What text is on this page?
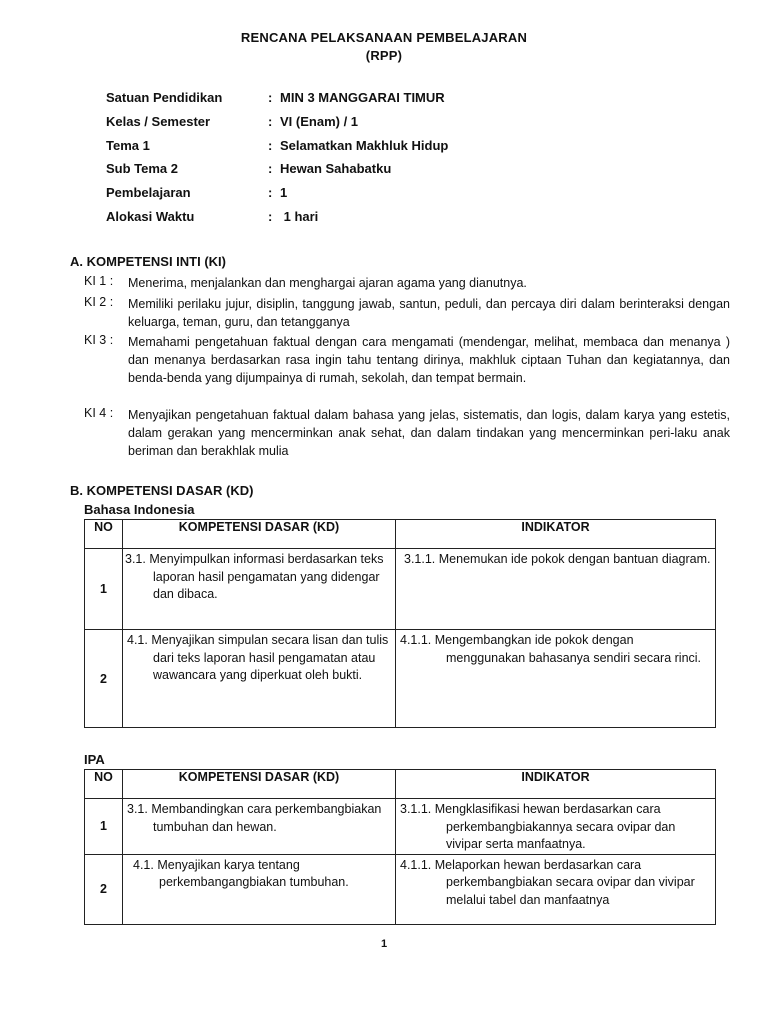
RENCANA PELAKSANAAN PEMBELAJARAN
(RPP)
Satuan Pendidikan	: MIN 3 MANGGARAI TIMUR
Kelas / Semester	: VI (Enam) / 1
Tema 1	: Selamatkan Makhluk Hidup
Sub Tema 2	: Hewan Sahabatku
Pembelajaran	: 1
Alokasi Waktu	: 1 hari
A. KOMPETENSI INTI (KI)
KI 1 : Menerima, menjalankan dan menghargai ajaran agama yang dianutnya.
KI 2 : Memiliki perilaku jujur, disiplin, tanggung jawab, santun, peduli, dan percaya diri dalam berinteraksi dengan keluarga, teman, guru, dan tetangganya
KI 3 : Memahami pengetahuan faktual dengan cara mengamati (mendengar, melihat, membaca dan menanya ) dan menanya berdasarkan rasa ingin tahu tentang dirinya, makhluk ciptaan Tuhan dan kegiatannya, dan benda-benda yang dijumpainya di rumah, sekolah, dan tempat bermain.
KI 4 : Menyajikan pengetahuan faktual dalam bahasa yang jelas, sistematis, dan logis, dalam karya yang estetis, dalam gerakan yang mencerminkan anak sehat, dan dalam tindakan yang mencerminkan peri-laku anak beriman dan berakhlak mulia
B. KOMPETENSI DASAR (KD)
Bahasa Indonesia
NO	KOMPETENSI DASAR (KD)	INDIKATOR
1	3.1. Menyimpulkan informasi berdasarkan teks laporan hasil pengamatan yang didengar dan dibaca.	3.1.1. Menemukan ide pokok dengan bantuan diagram.

2	4.1. Menyajikan simpulan secara lisan dan tulis dari teks laporan hasil pengamatan atau wawancara yang diperkuat oleh bukti.	4.1.1. Mengembangkan ide pokok dengan menggunakan bahasanya sendiri secara rinci.
IPA
NO	KOMPETENSI DASAR (KD)	INDIKATOR
1	3.1. Membandingkan cara perkembangbiakan tumbuhan dan hewan.	3.1.1. Mengklasifikasi hewan berdasarkan cara perkembangbiakannya secara ovipar dan vivipar serta manfaatnya.

2	4.1. Menyajikan karya tentang perkembangangbiakan tumbuhan.	4.1.1. Melaporkan hewan berdasarkan cara perkembangbiakan secara ovipar dan vivipar melalui tabel dan manfaatnya
1
